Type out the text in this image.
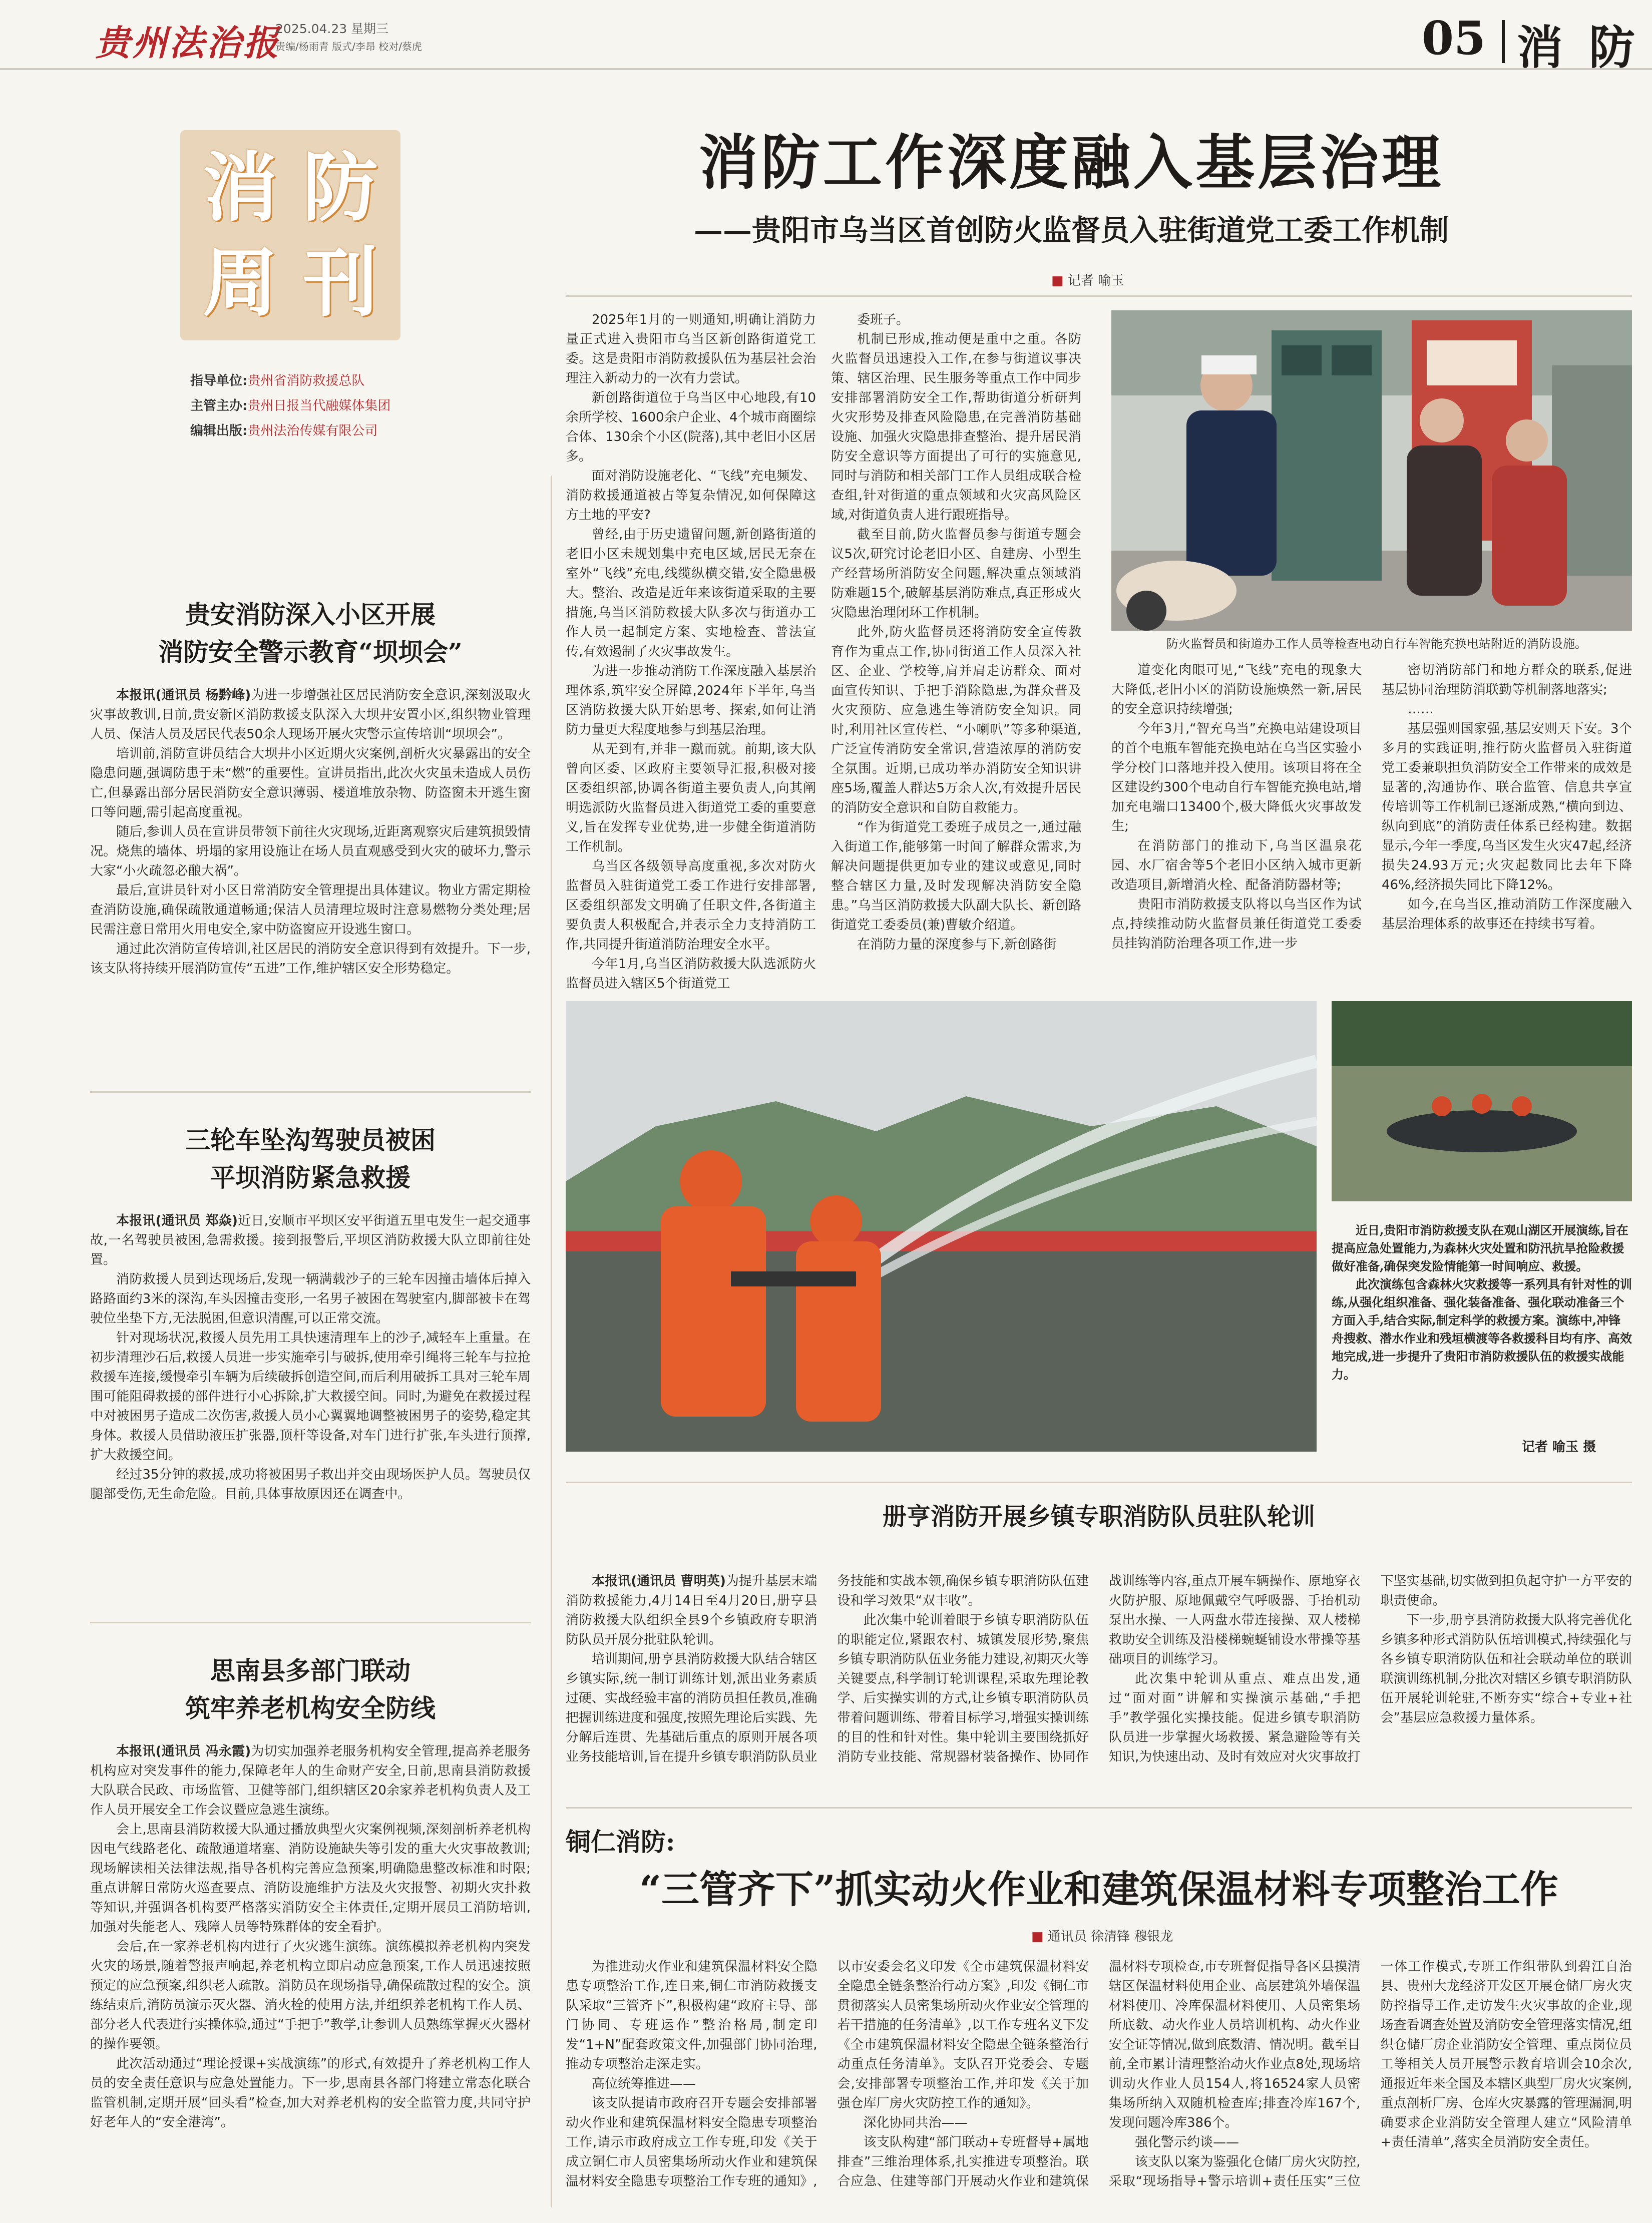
贵州法治报
2025.04.23 星期三
责编/杨雨青 版式/李昂 校对/蔡虎	05 消 防
消 防
周 刊
指导单位:贵州省消防救援总队
主管主办:贵州日报当代融媒体集团
编辑出版:贵州法治传媒有限公司
消防工作深度融入基层治理
——贵阳市乌当区首创防火监督员入驻街道党工委工作机制
■ 记者 喻玉

2025年1月的一则通知,明确让消防力量正式进入贵阳市乌当区新创路街道党工委。这是贵阳市消防救援队伍为基层社会治理注入新动力的一次有力尝试。

新创路街道位于乌当区中心地段,有10余所学校、1600余户企业、4个城市商圈综合体、130余个小区(院落),其中老旧小区居多。

面对消防设施老化、“飞线”充电频发、消防救援通道被占等复杂情况,如何保障这方土地的平安?

曾经,由于历史遗留问题,新创路街道的老旧小区未规划集中充电区域,居民无奈在室外“飞线”充电,线缆纵横交错,安全隐患极大。整治、改造是近年来该街道采取的主要措施,乌当区消防救援大队多次与街道办工作人员一起制定方案、实地检查、普法宣传,有效遏制了火灾事故发生。

为进一步推动消防工作深度融入基层治理体系,筑牢安全屏障,2024年下半年,乌当区消防救援大队开始思考、探索,如何让消防力量更大程度地参与到基层治理。

从无到有,并非一蹴而就。前期,该大队曾向区委、区政府主要领导汇报,积极对接区委组织部,协调各街道主要负责人,向其阐明选派防火监督员进入街道党工委的重要意义,旨在发挥专业优势,进一步健全街道消防工作机制。

乌当区各级领导高度重视,多次对防火监督员入驻街道党工委工作进行安排部署,区委组织部发文明确了任职文件,各街道主要负责人积极配合,并表示全力支持消防工作,共同提升街道消防治理安全水平。

今年1月,乌当区消防救援大队选派防火监督员进入辖区5个街道党工

委班子。

机制已形成,推动便是重中之重。各防火监督员迅速投入工作,在参与街道议事决策、辖区治理、民生服务等重点工作中同步安排部署消防安全工作,帮助街道分析研判火灾形势及排查风险隐患,在完善消防基础设施、加强火灾隐患排查整治、提升居民消防安全意识等方面提出了可行的实施意见,同时与消防和相关部门工作人员组成联合检查组,针对街道的重点领域和火灾高风险区域,对街道负责人进行跟班指导。

截至目前,防火监督员参与街道专题会议5次,研究讨论老旧小区、自建房、小型生产经营场所消防安全问题,解决重点领域消防难题15个,破解基层消防难点,真正形成火灾隐患治理闭环工作机制。

此外,防火监督员还将消防安全宣传教育作为重点工作,协同街道工作人员深入社区、企业、学校等,肩并肩走访群众、面对面宣传知识、手把手消除隐患,为群众普及火灾预防、应急逃生等消防安全知识。同时,利用社区宣传栏、“小喇叭”等多种渠道,广泛宣传消防安全常识,营造浓厚的消防安全氛围。近期,已成功举办消防安全知识讲座5场,覆盖人群达5万余人次,有效提升居民的消防安全意识和自防自救能力。

“作为街道党工委班子成员之一,通过融入街道工作,能够第一时间了解群众需求,为解决问题提供更加专业的建议或意见,同时整合辖区力量,及时发现解决消防安全隐患。”乌当区消防救援大队副大队长、新创路街道党工委委员(兼)曹敏介绍道。

在消防力量的深度参与下,新创路街

防火监督员和街道办工作人员等检查电动自行车智能充换电站附近的消防设施。

道变化肉眼可见,“飞线”充电的现象大大降低,老旧小区的消防设施焕然一新,居民的安全意识持续增强;

今年3月,“智充乌当”充换电站建设项目的首个电瓶车智能充换电站在乌当区实验小学分校门口落地并投入使用。该项目将在全区建设约300个电动自行车智能充换电站,增加充电端口13400个,极大降低火灾事故发生;

在消防部门的推动下,乌当区温泉花园、水厂宿舍等5个老旧小区纳入城市更新改造项目,新增消火栓、配备消防器材等;

贵阳市消防救援支队将以乌当区作为试点,持续推动防火监督员兼任街道党工委委员挂钩消防治理各项工作,进一步

密切消防部门和地方群众的联系,促进基层协同治理防消联勤等机制落地落实;

……

基层强则国家强,基层安则天下安。3个多月的实践证明,推行防火监督员入驻街道党工委兼职担负消防安全工作带来的成效是显著的,沟通协作、联合监管、信息共享宣传培训等工作机制已逐渐成熟,“横向到边、纵向到底”的消防责任体系已经构建。数据显示,今年一季度,乌当区发生火灾47起,经济损失24.93万元;火灾起数同比去年下降46%,经济损失同比下降12%。

如今,在乌当区,推动消防工作深度融入基层治理体系的故事还在持续书写着。

近日,贵阳市消防救援支队在观山湖区开展演练,旨在提高应急处置能力,为森林火灾处置和防汛抗旱抢险救援做好准备,确保突发险情能第一时间响应、救援。
此次演练包含森林火灾救援等一系列具有针对性的训练,从强化组织准备、强化装备准备、强化联动准备三个方面入手,结合实际,制定科学的救援方案。演练中,冲锋舟搜救、潜水作业和残垣横渡等各救援科目均有序、高效地完成,进一步提升了贵阳市消防救援队伍的救援实战能力。
记者 喻玉 摄
册亨消防开展乡镇专职消防队员驻队轮训

本报讯(通讯员 曹明英)为提升基层末端消防救援能力,4月14日至4月20日,册亨县消防救援大队组织全县9个乡镇政府专职消防队员开展分批驻队轮训。

培训期间,册亨县消防救援大队结合辖区乡镇实际,统一制订训练计划,派出业务素质过硬、实战经验丰富的消防员担任教员,准确把握训练进度和强度,按照先理论后实践、先分解后连贯、先基础后重点的原则开展各项业务技能培训,旨在提升乡镇专职消防队员业务技能和实战本领,确保乡镇专职消防队伍建设和学习效果“双丰收”。

此次集中轮训着眼于乡镇专职消防队伍的职能定位,紧跟农村、城镇发展形势,聚焦乡镇专职消防队伍业务能力建设,初期灭火等关键要点,科学制订轮训课程,采取先理论教学、后实操实训的方式,让乡镇专职消防队员带着问题训练、带着目标学习,增强实操训练的目的性和针对性。集中轮训主要围绕抓好消防专业技能、常规器材装备操作、协同作战训练等内容,重点开展车辆操作、原地穿衣火防护服、原地佩戴空气呼吸器、手抬机动泵出水操、一人两盘水带连接操、双人楼梯救助安全训练及沿楼梯蜿蜒铺设水带操等基础项目的训练学习。

此次集中轮训从重点、难点出发,通过“面对面”讲解和实操演示基础,“手把手”教学强化实操技能。促进乡镇专职消防队员进一步掌握火场救援、紧急避险等有关知识,为快速出动、及时有效应对火灾事故打下坚实基础,切实做到担负起守护一方平安的职责使命。

下一步,册亨县消防救援大队将完善优化乡镇多种形式消防队伍培训模式,持续强化与各乡镇专职消防队伍和社会联动单位的联训联演训练机制,分批次对辖区乡镇专职消防队伍开展轮训轮驻,不断夯实“综合+专业+社会”基层应急救援力量体系。

铜仁消防:
“三管齐下”抓实动火作业和建筑保温材料专项整治工作
■ 通讯员 徐清锋 穆银龙

为推进动火作业和建筑保温材料安全隐患专项整治工作,连日来,铜仁市消防救援支队采取“三管齐下”,积极构建“政府主导、部门协同、专班运作”整治格局,制定印发“1+N”配套政策文件,加强部门协同治理,推动专项整治走深走实。

高位统筹推进——

该支队提请市政府召开专题会安排部署动火作业和建筑保温材料安全隐患专项整治工作,请示市政府成立工作专班,印发《关于成立铜仁市人员密集场所动火作业和建筑保温材料安全隐患专项整治工作专班的通知》,以市安委会名义印发《全市建筑保温材料安全隐患全链条整治行动方案》,印发《铜仁市贯彻落实人员密集场所动火作业安全管理的若干措施的任务清单》,以工作专班名义下发《全市建筑保温材料安全隐患全链条整治行动重点任务清单》。支队召开党委会、专题会,安排部署专项整治工作,并印发《关于加强仓库厂房火灾防控工作的通知》。

深化协同共治——

该支队构建“部门联动+专班督导+属地排查”三维治理体系,扎实推进专项整治。联合应急、住建等部门开展动火作业和建筑保温材料专项检查,市专班督促指导各区县摸清辖区保温材料使用企业、高层建筑外墙保温材料使用、冷库保温材料使用、人员密集场所底数、动火作业人员培训机构、动火作业安全证等情况,做到底数清、情况明。截至目前,全市累计清理整治动火作业点8处,现场培训动火作业人员154人,将16524家人员密集场所纳入双随机检查库;排查冷库167个,发现问题冷库386个。

强化警示约谈——

该支队以案为鉴强化仓储厂房火灾防控,采取“现场指导+警示培训+责任压实”三位一体工作模式,专班工作组带队到碧江自治县、贵州大龙经济开发区开展仓储厂房火灾防控指导工作,走访发生火灾事故的企业,现场查看调查处置及消防安全管理落实情况,组织仓储厂房企业消防安全管理、重点岗位员工等相关人员开展警示教育培训会10余次,通报近年来全国及本辖区典型厂房火灾案例,重点剖析厂房、仓库火灾暴露的管理漏洞,明确要求企业消防安全管理人建立“风险清单+责任清单”,落实全员消防安全责任。

贵安消防深入小区开展
消防安全警示教育“坝坝会”

本报讯(通讯员 杨黔峰)为进一步增强社区居民消防安全意识,深刻汲取火灾事故教训,日前,贵安新区消防救援支队深入大坝井安置小区,组织物业管理人员、保洁人员及居民代表50余人现场开展火灾警示宣传培训“坝坝会”。

培训前,消防宣讲员结合大坝井小区近期火灾案例,剖析火灾暴露出的安全隐患问题,强调防患于未“燃”的重要性。宣讲员指出,此次火灾虽未造成人员伤亡,但暴露出部分居民消防安全意识薄弱、楼道堆放杂物、防盗窗未开逃生窗口等问题,需引起高度重视。

随后,参训人员在宣讲员带领下前往火灾现场,近距离观察灾后建筑损毁情况。烧焦的墙体、坍塌的家用设施让在场人员直观感受到火灾的破坏力,警示大家“小火疏忽必酿大祸”。

最后,宣讲员针对小区日常消防安全管理提出具体建议。物业方需定期检查消防设施,确保疏散通道畅通;保洁人员清理垃圾时注意易燃物分类处理;居民需注意日常用火用电安全,家中防盗窗应开设逃生窗口。

通过此次消防宣传培训,社区居民的消防安全意识得到有效提升。下一步,该支队将持续开展消防宣传“五进”工作,维护辖区安全形势稳定。

三轮车坠沟驾驶员被困
平坝消防紧急救援

本报讯(通讯员 郑焱)近日,安顺市平坝区安平街道五里屯发生一起交通事故,一名驾驶员被困,急需救援。接到报警后,平坝区消防救援大队立即前往处置。

消防救援人员到达现场后,发现一辆满载沙子的三轮车因撞击墙体后掉入路路面约3米的深沟,车头因撞击变形,一名男子被困在驾驶室内,脚部被卡在驾驶位坐垫下方,无法脱困,但意识清醒,可以正常交流。

针对现场状况,救援人员先用工具快速清理车上的沙子,减轻车上重量。在初步清理沙石后,救援人员进一步实施牵引与破拆,使用牵引绳将三轮车与拉抢救援车连接,缓慢牵引车辆为后续破拆创造空间,而后利用破拆工具对三轮车周围可能阻碍救援的部件进行小心拆除,扩大救援空间。同时,为避免在救援过程中对被困男子造成二次伤害,救援人员小心翼翼地调整被困男子的姿势,稳定其身体。救援人员借助液压扩张器,顶杆等设备,对车门进行扩张,车头进行顶撑,扩大救援空间。

经过35分钟的救援,成功将被困男子救出并交由现场医护人员。驾驶员仅腿部受伤,无生命危险。目前,具体事故原因还在调查中。

思南县多部门联动
筑牢养老机构安全防线

本报讯(通讯员 冯永霞)为切实加强养老服务机构安全管理,提高养老服务机构应对突发事件的能力,保障老年人的生命财产安全,日前,思南县消防救援大队联合民政、市场监管、卫健等部门,组织辖区20余家养老机构负责人及工作人员开展安全工作会议暨应急逃生演练。

会上,思南县消防救援大队通过播放典型火灾案例视频,深刻剖析养老机构因电气线路老化、疏散通道堵塞、消防设施缺失等引发的重大火灾事故教训;现场解读相关法律法规,指导各机构完善应急预案,明确隐患整改标准和时限;重点讲解日常防火巡查要点、消防设施维护方法及火灾报警、初期火灾扑救等知识,并强调各机构要严格落实消防安全主体责任,定期开展员工消防培训,加强对失能老人、残障人员等特殊群体的安全看护。

会后,在一家养老机构内进行了火灾逃生演练。演练模拟养老机构内突发火灾的场景,随着警报声响起,养老机构立即启动应急预案,工作人员迅速按照预定的应急预案,组织老人疏散。消防员在现场指导,确保疏散过程的安全。演练结束后,消防员演示灭火器、消火栓的使用方法,并组织养老机构工作人员、部分老人代表进行实操体验,通过“手把手”教学,让参训人员熟练掌握灭火器材的操作要领。

此次活动通过“理论授课+实战演练”的形式,有效提升了养老机构工作人员的安全责任意识与应急处置能力。下一步,思南县各部门将建立常态化联合监管机制,定期开展“回头看”检查,加大对养老机构的安全监管力度,共同守护好老年人的“安全港湾”。
